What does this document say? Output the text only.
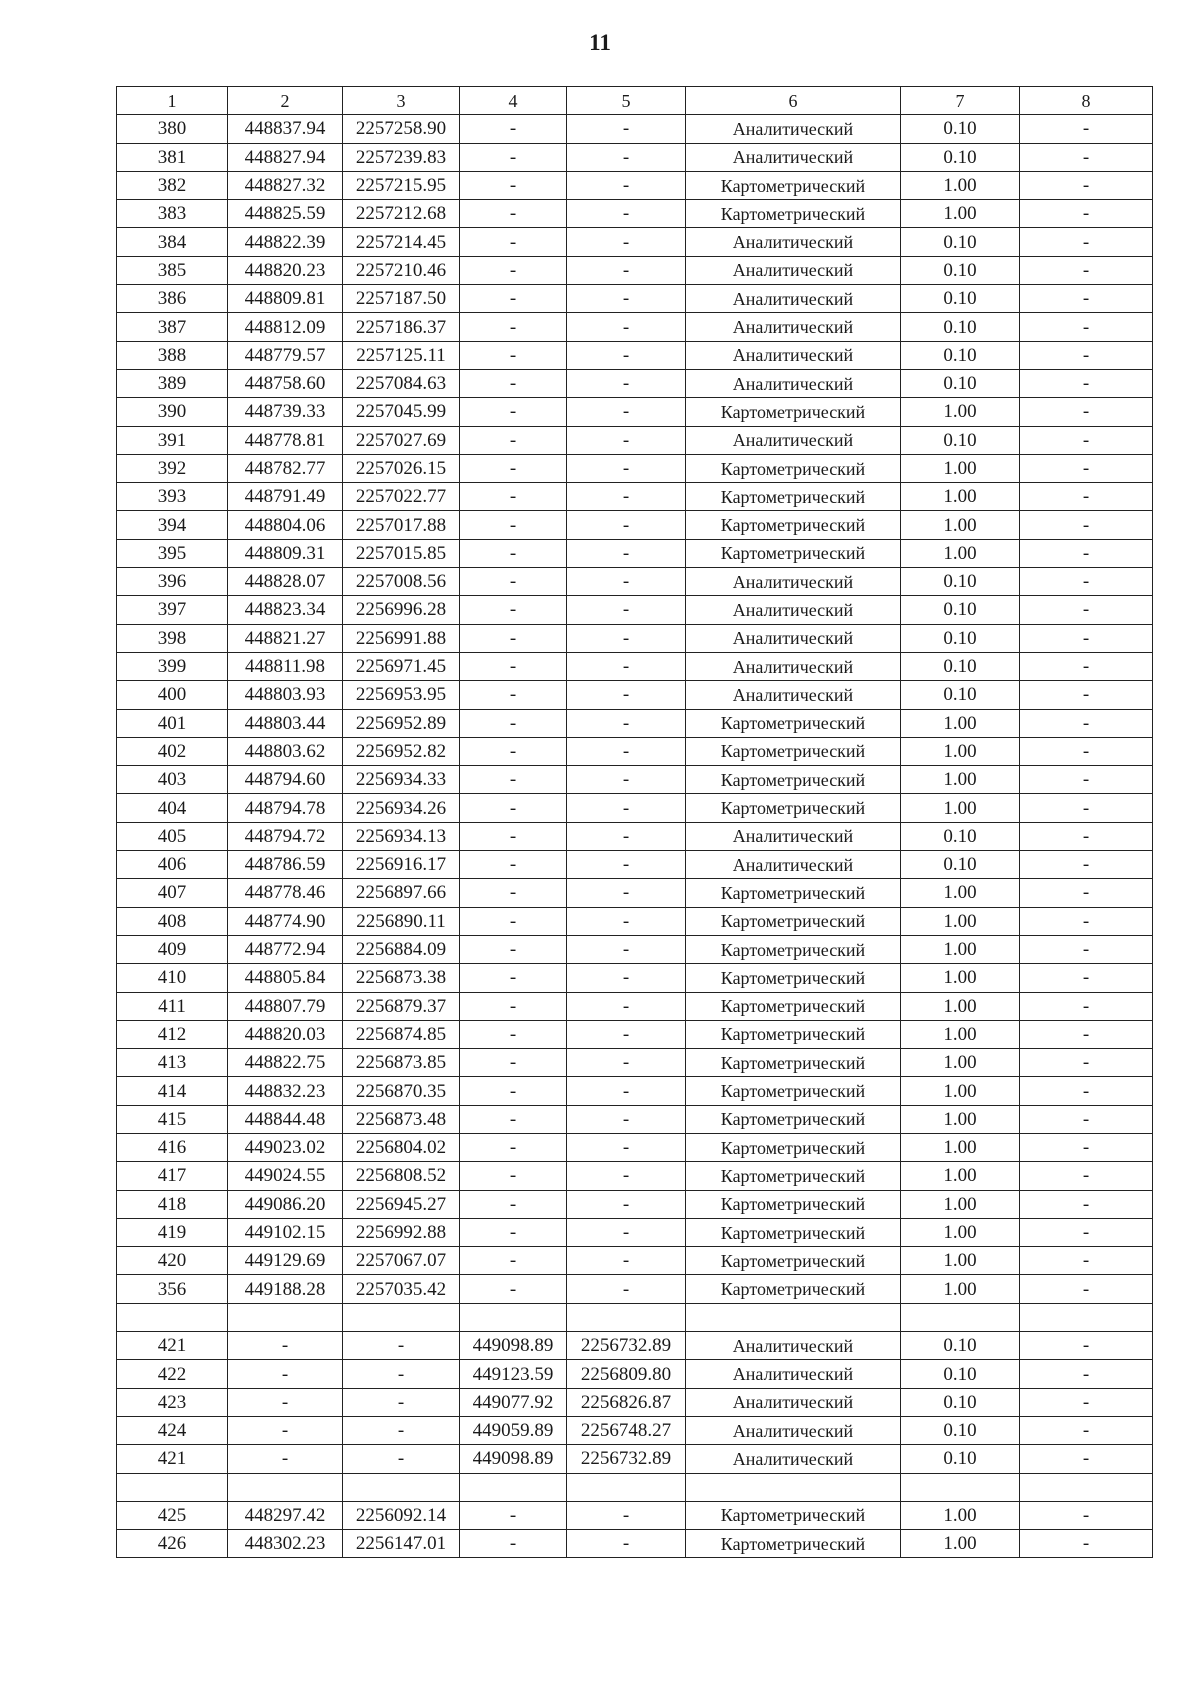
11
1	2	3	4	5	6	7	8
380	448837.94	2257258.90	-	-	Аналитический	0.10	-
381	448827.94	2257239.83	-	-	Аналитический	0.10	-
382	448827.32	2257215.95	-	-	Картометрический	1.00	-
383	448825.59	2257212.68	-	-	Картометрический	1.00	-
384	448822.39	2257214.45	-	-	Аналитический	0.10	-
385	448820.23	2257210.46	-	-	Аналитический	0.10	-
386	448809.81	2257187.50	-	-	Аналитический	0.10	-
387	448812.09	2257186.37	-	-	Аналитический	0.10	-
388	448779.57	2257125.11	-	-	Аналитический	0.10	-
389	448758.60	2257084.63	-	-	Аналитический	0.10	-
390	448739.33	2257045.99	-	-	Картометрический	1.00	-
391	448778.81	2257027.69	-	-	Аналитический	0.10	-
392	448782.77	2257026.15	-	-	Картометрический	1.00	-
393	448791.49	2257022.77	-	-	Картометрический	1.00	-
394	448804.06	2257017.88	-	-	Картометрический	1.00	-
395	448809.31	2257015.85	-	-	Картометрический	1.00	-
396	448828.07	2257008.56	-	-	Аналитический	0.10	-
397	448823.34	2256996.28	-	-	Аналитический	0.10	-
398	448821.27	2256991.88	-	-	Аналитический	0.10	-
399	448811.98	2256971.45	-	-	Аналитический	0.10	-
400	448803.93	2256953.95	-	-	Аналитический	0.10	-
401	448803.44	2256952.89	-	-	Картометрический	1.00	-
402	448803.62	2256952.82	-	-	Картометрический	1.00	-
403	448794.60	2256934.33	-	-	Картометрический	1.00	-
404	448794.78	2256934.26	-	-	Картометрический	1.00	-
405	448794.72	2256934.13	-	-	Аналитический	0.10	-
406	448786.59	2256916.17	-	-	Аналитический	0.10	-
407	448778.46	2256897.66	-	-	Картометрический	1.00	-
408	448774.90	2256890.11	-	-	Картометрический	1.00	-
409	448772.94	2256884.09	-	-	Картометрический	1.00	-
410	448805.84	2256873.38	-	-	Картометрический	1.00	-
411	448807.79	2256879.37	-	-	Картометрический	1.00	-
412	448820.03	2256874.85	-	-	Картометрический	1.00	-
413	448822.75	2256873.85	-	-	Картометрический	1.00	-
414	448832.23	2256870.35	-	-	Картометрический	1.00	-
415	448844.48	2256873.48	-	-	Картометрический	1.00	-
416	449023.02	2256804.02	-	-	Картометрический	1.00	-
417	449024.55	2256808.52	-	-	Картометрический	1.00	-
418	449086.20	2256945.27	-	-	Картометрический	1.00	-
419	449102.15	2256992.88	-	-	Картометрический	1.00	-
420	449129.69	2257067.07	-	-	Картометрический	1.00	-
356	449188.28	2257035.42	-	-	Картометрический	1.00	-

421	-	-	449098.89	2256732.89	Аналитический	0.10	-
422	-	-	449123.59	2256809.80	Аналитический	0.10	-
423	-	-	449077.92	2256826.87	Аналитический	0.10	-
424	-	-	449059.89	2256748.27	Аналитический	0.10	-
421	-	-	449098.89	2256732.89	Аналитический	0.10	-

425	448297.42	2256092.14	-	-	Картометрический	1.00	-
426	448302.23	2256147.01	-	-	Картометрический	1.00	-
